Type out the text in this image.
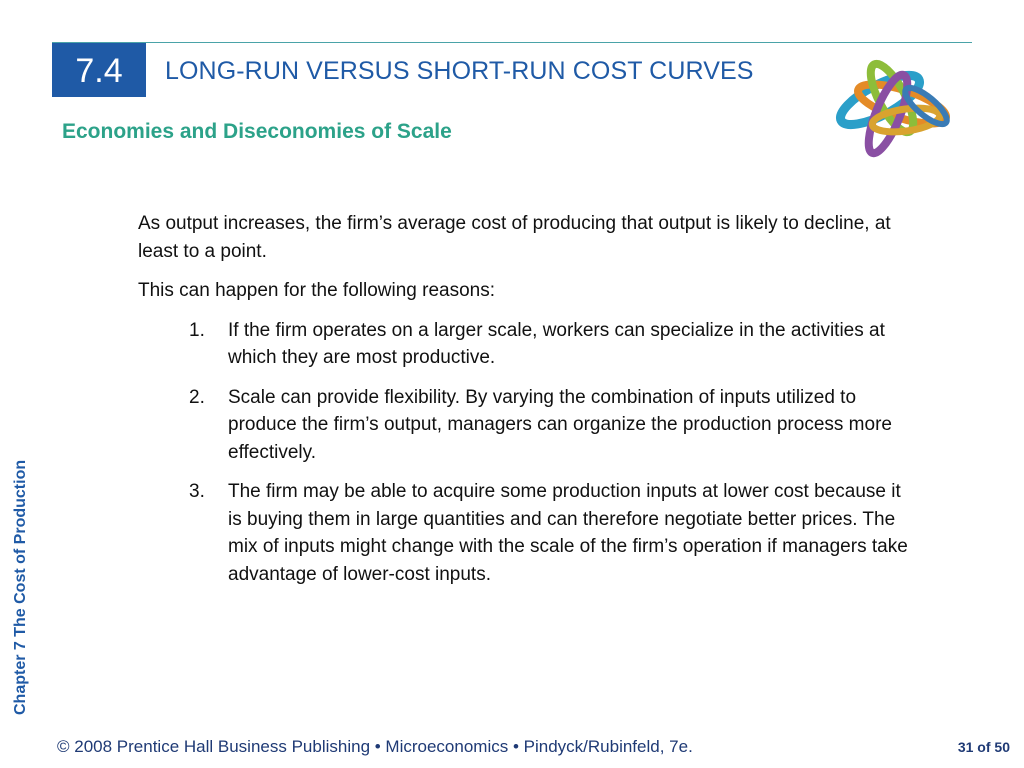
7.4	LONG-RUN VERSUS SHORT-RUN COST CURVES
Economies and Diseconomies of Scale
Chapter 7 The Cost of Production

As output increases, the firm’s average cost of producing that output is likely to decline, at least to a point.

This can happen for the following reasons:

1. If the firm operates on a larger scale, workers can specialize in the activities at which they are most productive.
2. Scale can provide flexibility. By varying the combination of inputs utilized to produce the firm’s output, managers can organize the production process more effectively.
3. The firm may be able to acquire some production inputs at lower cost because it is buying them in large quantities and can therefore negotiate better prices. The mix of inputs might change with the scale of the firm’s operation if managers take advantage of lower-cost inputs.
© 2008 Prentice Hall Business Publishing • Microeconomics • Pindyck/Rubinfeld, 7e.	31 of 50
